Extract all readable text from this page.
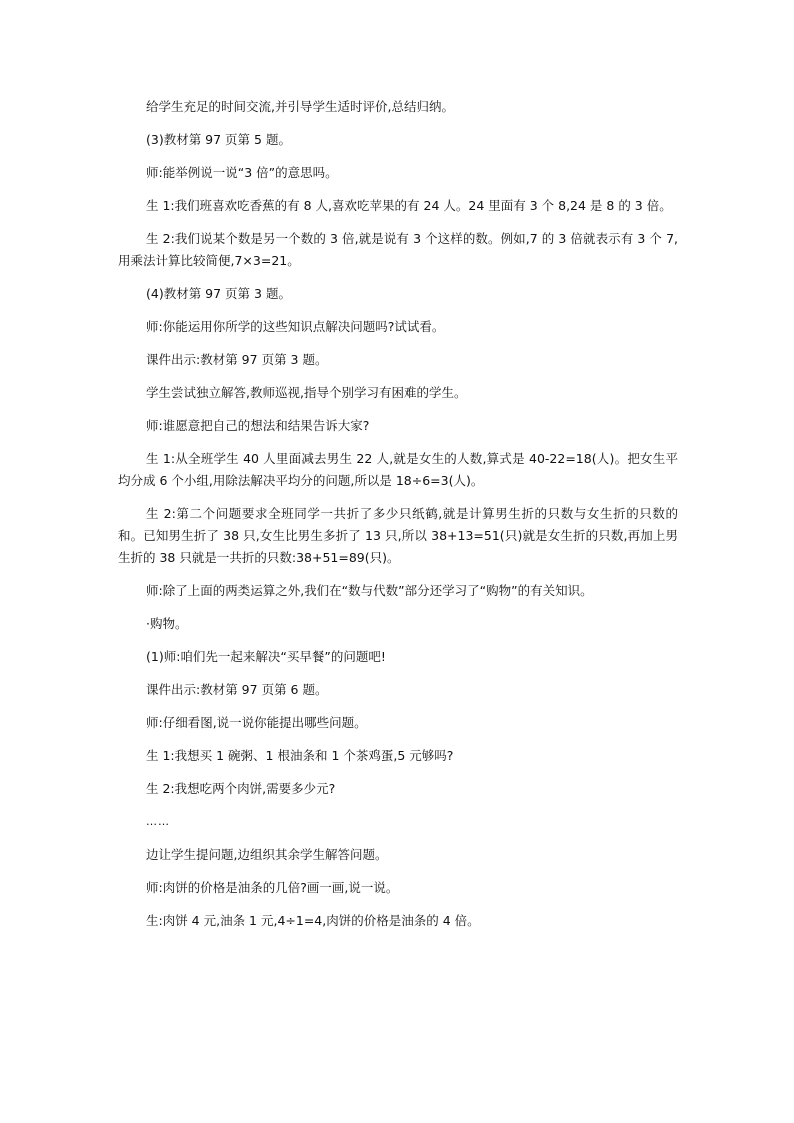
给学生充足的时间交流,并引导学生适时评价,总结归纳。

(3)教材第 97 页第 5 题。

师:能举例说一说“3 倍”的意思吗。

生 1:我们班喜欢吃香蕉的有 8 人,喜欢吃苹果的有 24 人。24 里面有 3 个 8,24 是 8 的 3 倍。

生 2:我们说某个数是另一个数的 3 倍,就是说有 3 个这样的数。例如,7 的 3 倍就表示有 3 个 7,用乘法计算比较简便,7×3=21。

(4)教材第 97 页第 3 题。

师:你能运用你所学的这些知识点解决问题吗?试试看。

课件出示:教材第 97 页第 3 题。

学生尝试独立解答,教师巡视,指导个别学习有困难的学生。

师:谁愿意把自己的想法和结果告诉大家?

生 1:从全班学生 40 人里面减去男生 22 人,就是女生的人数,算式是 40-22=18(人)。把女生平均分成 6 个小组,用除法解决平均分的问题,所以是 18÷6=3(人)。

生 2:第二个问题要求全班同学一共折了多少只纸鹤,就是计算男生折的只数与女生折的只数的和。已知男生折了 38 只,女生比男生多折了 13 只,所以 38+13=51(只)就是女生折的只数,再加上男生折的 38 只就是一共折的只数:38+51=89(只)。

师:除了上面的两类运算之外,我们在“数与代数”部分还学习了“购物”的有关知识。

·购物。

(1)师:咱们先一起来解决“买早餐”的问题吧!

课件出示:教材第 97 页第 6 题。

师:仔细看图,说一说你能提出哪些问题。

生 1:我想买 1 碗粥、1 根油条和 1 个茶鸡蛋,5 元够吗?

生 2:我想吃两个肉饼,需要多少元?

……

边让学生提问题,边组织其余学生解答问题。

师:肉饼的价格是油条的几倍?画一画,说一说。

生:肉饼 4 元,油条 1 元,4÷1=4,肉饼的价格是油条的 4 倍。
